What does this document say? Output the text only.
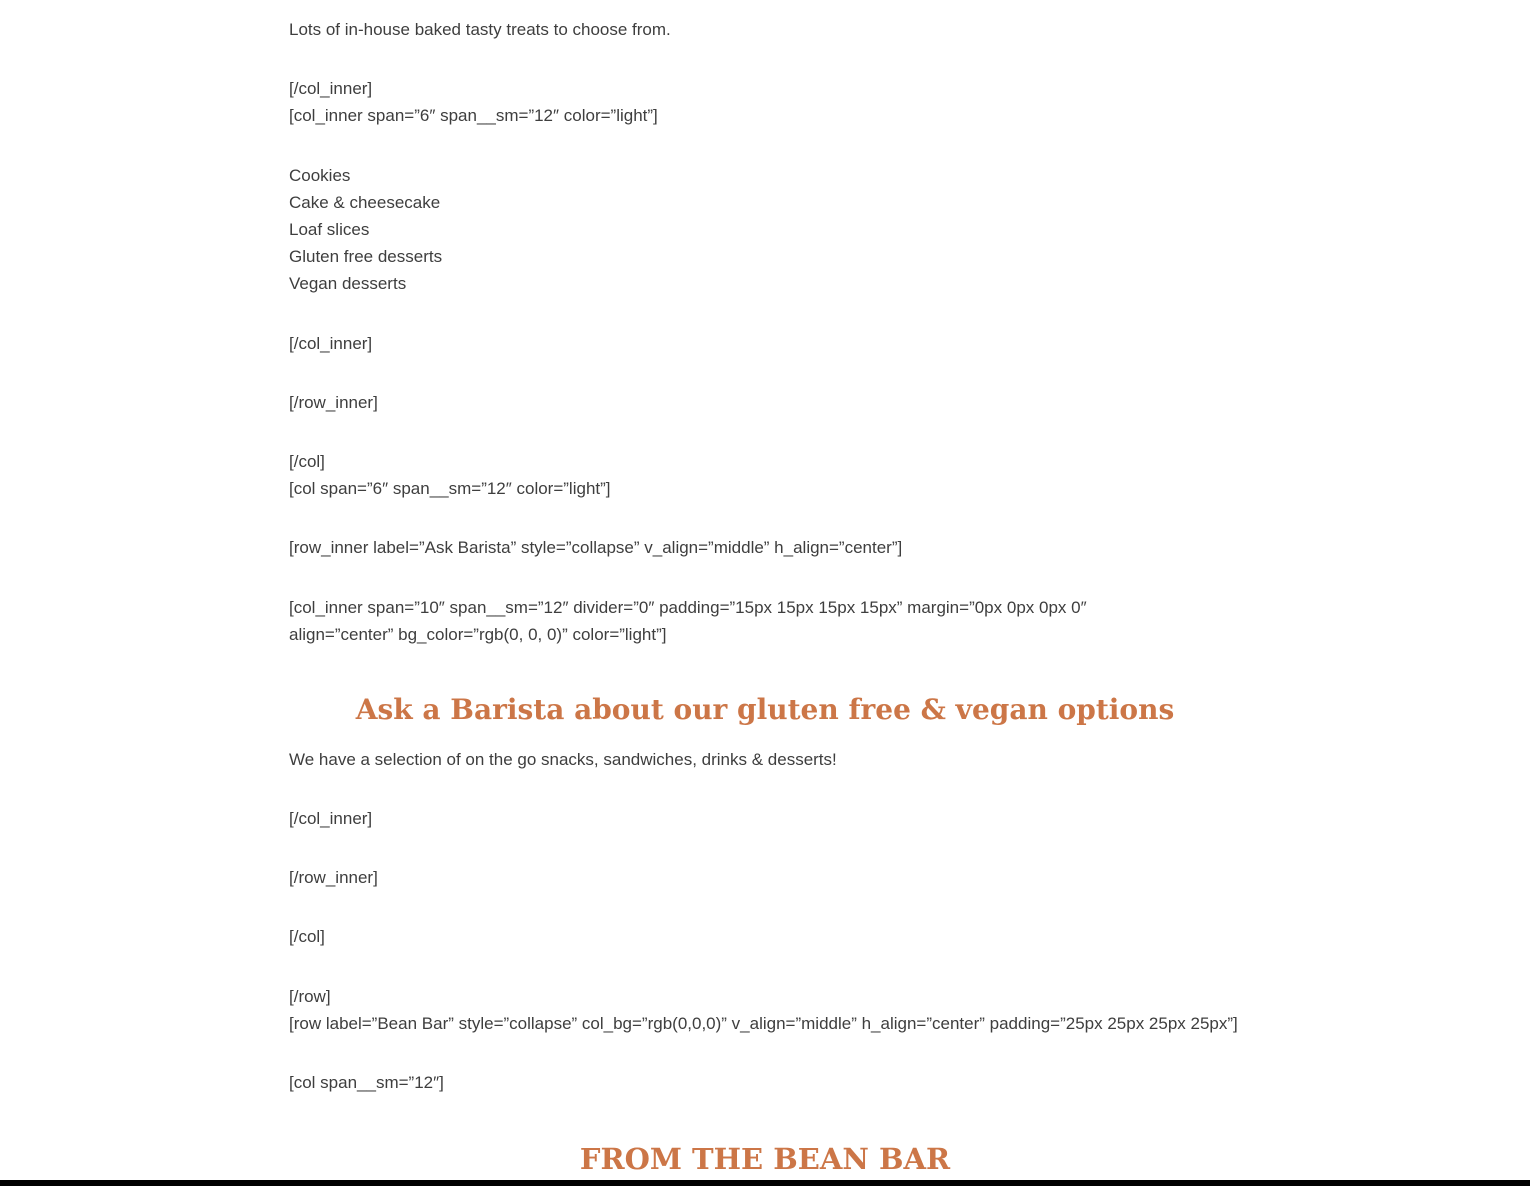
Lots of in-house baked tasty treats to choose from.

[/col_inner]

[col_inner span=”6″ span__sm=”12″ color=”light”]

Cookies

Cake & cheesecake

Loaf slices

Gluten free desserts

Vegan desserts

[/col_inner]

[/row_inner]

[/col]

[col span=”6″ span__sm=”12″ color=”light”]

[row_inner label=”Ask Barista” style=”collapse” v_align=”middle” h_align=”center”]

[col_inner span=”10″ span__sm=”12″ divider=”0″ padding=”15px 15px 15px 15px” margin=”0px 0px 0px 0″ align=”center” bg_color=”rgb(0, 0, 0)” color=”light”]

Ask a Barista about our gluten free & vegan options

We have a selection of on the go snacks, sandwiches, drinks & desserts!

[/col_inner]

[/row_inner]

[/col]

[/row]

[row label=”Bean Bar” style=”collapse” col_bg=”rgb(0,0,0)” v_align=”middle” h_align=”center” padding=”25px 25px 25px 25px”]

[col span__sm=”12″]

FROM THE BEAN BAR
